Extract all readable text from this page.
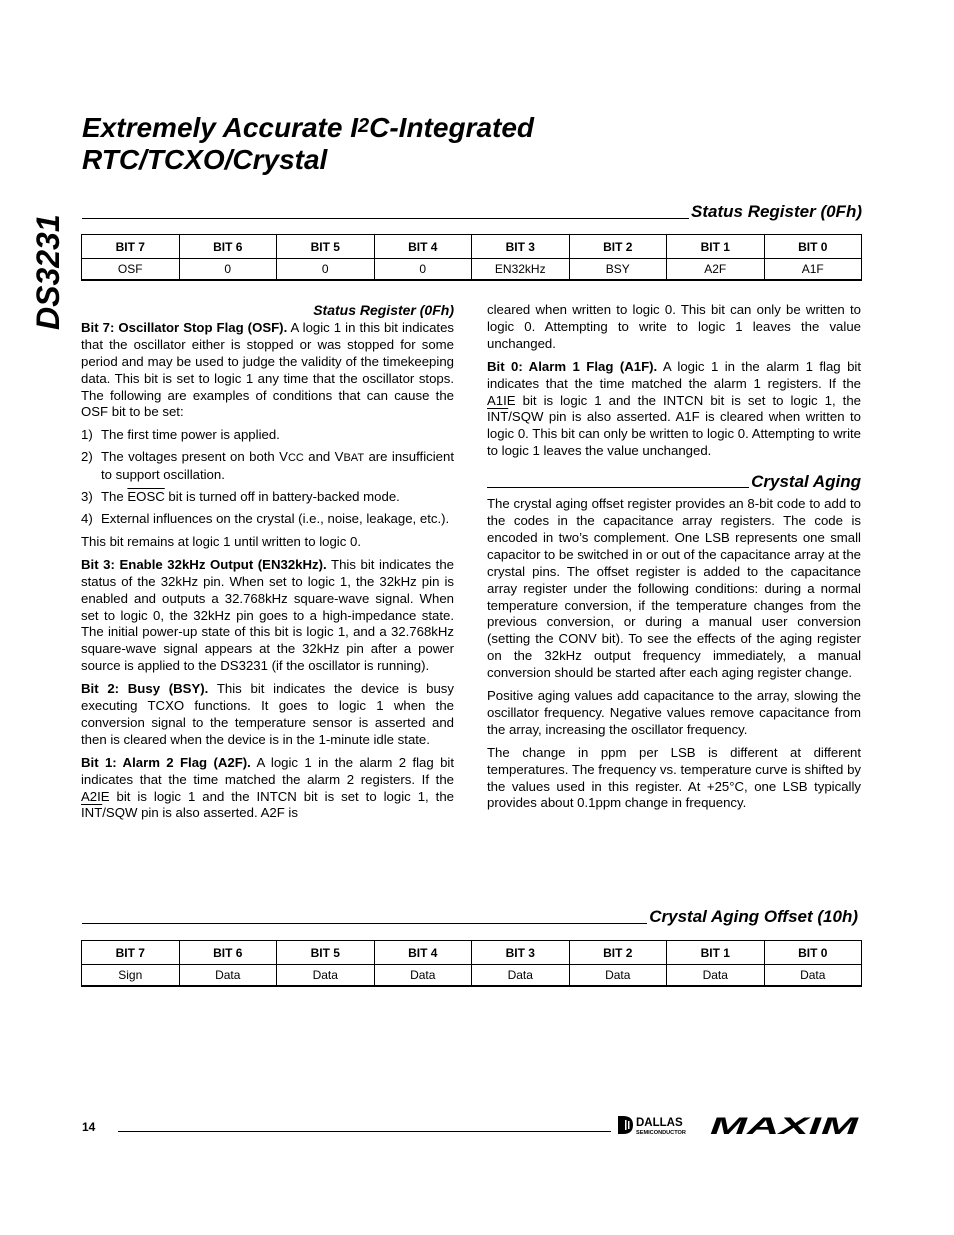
DS3231
Extremely Accurate $I^2C$-Integrated
RTC/TCXO/Crystal
Status Register (0Fh)
BIT 7	BIT 6	BIT 5	BIT 4	BIT 3	BIT 2	BIT 1	BIT 0
OSF	0	0	0	EN32kHz	BSY	A2F	A1F
Status Register (0Fh)

Bit 7: Oscillator Stop Flag (OSF). A logic 1 in this bit indicates that the oscillator either is stopped or was stopped for some period and may be used to judge the validity of the timekeeping data. This bit is set to logic 1 any time that the oscillator stops. The following are examples of conditions that can cause the OSF bit to be set:

1) The first time power is applied.
2) The voltages present on both VCC and VBAT are insufficient to support oscillation.
3) The EOSC bit is turned off in battery-backed mode.
4) External influences on the crystal (i.e., noise, leakage, etc.).

This bit remains at logic 1 until written to logic 0.

Bit 3: Enable 32kHz Output (EN32kHz). This bit indicates the status of the 32kHz pin. When set to logic 1, the 32kHz pin is enabled and outputs a 32.768kHz square-wave signal. When set to logic 0, the 32kHz pin goes to a high-impedance state. The initial power-up state of this bit is logic 1, and a 32.768kHz square-wave signal appears at the 32kHz pin after a power source is applied to the DS3231 (if the oscillator is running).

Bit 2: Busy (BSY). This bit indicates the device is busy executing TCXO functions. It goes to logic 1 when the conversion signal to the temperature sensor is asserted and then is cleared when the device is in the 1-minute idle state.

Bit 1: Alarm 2 Flag (A2F). A logic 1 in the alarm 2 flag bit indicates that the time matched the alarm 2 registers. If the A2IE bit is logic 1 and the INTCN bit is set to logic 1, the $\overline{INT}$/SQW pin is also asserted. A2F is

cleared when written to logic 0. This bit can only be written to logic 0. Attempting to write to logic 1 leaves the value unchanged.

Bit 0: Alarm 1 Flag (A1F). A logic 1 in the alarm 1 flag bit indicates that the time matched the alarm 1 registers. If the A1IE bit is logic 1 and the INTCN bit is set to logic 1, the $\overline{INT}$/SQW pin is also asserted. A1F is cleared when written to logic 0. This bit can only be written to logic 0. Attempting to write to logic 1 leaves the value unchanged.

Crystal Aging

The crystal aging offset register provides an 8-bit code to add to the codes in the capacitance array registers. The code is encoded in two’s complement. One LSB represents one small capacitor to be switched in or out of the capacitance array at the crystal pins. The offset register is added to the capacitance array register under the following conditions: during a normal temperature conversion, if the temperature changes from the previous conversion, or during a manual user conversion (setting the CONV bit). To see the effects of the aging register on the 32kHz output frequency immediately, a manual conversion should be started after each aging register change.

Positive aging values add capacitance to the array, slowing the oscillator frequency. Negative values remove capacitance from the array, increasing the oscillator frequency.

The change in ppm per LSB is different at different temperatures. The frequency vs. temperature curve is shifted by the values used in this register. At +25°C, one LSB typically provides about 0.1ppm change in frequency.

Crystal Aging Offset (10h)
BIT 7	BIT 6	BIT 5	BIT 4	BIT 3	BIT 2	BIT 1	BIT 0
Sign	Data	Data	Data	Data	Data	Data	Data
14	DALLAS
SEMICONDUCTOR MAXIM
